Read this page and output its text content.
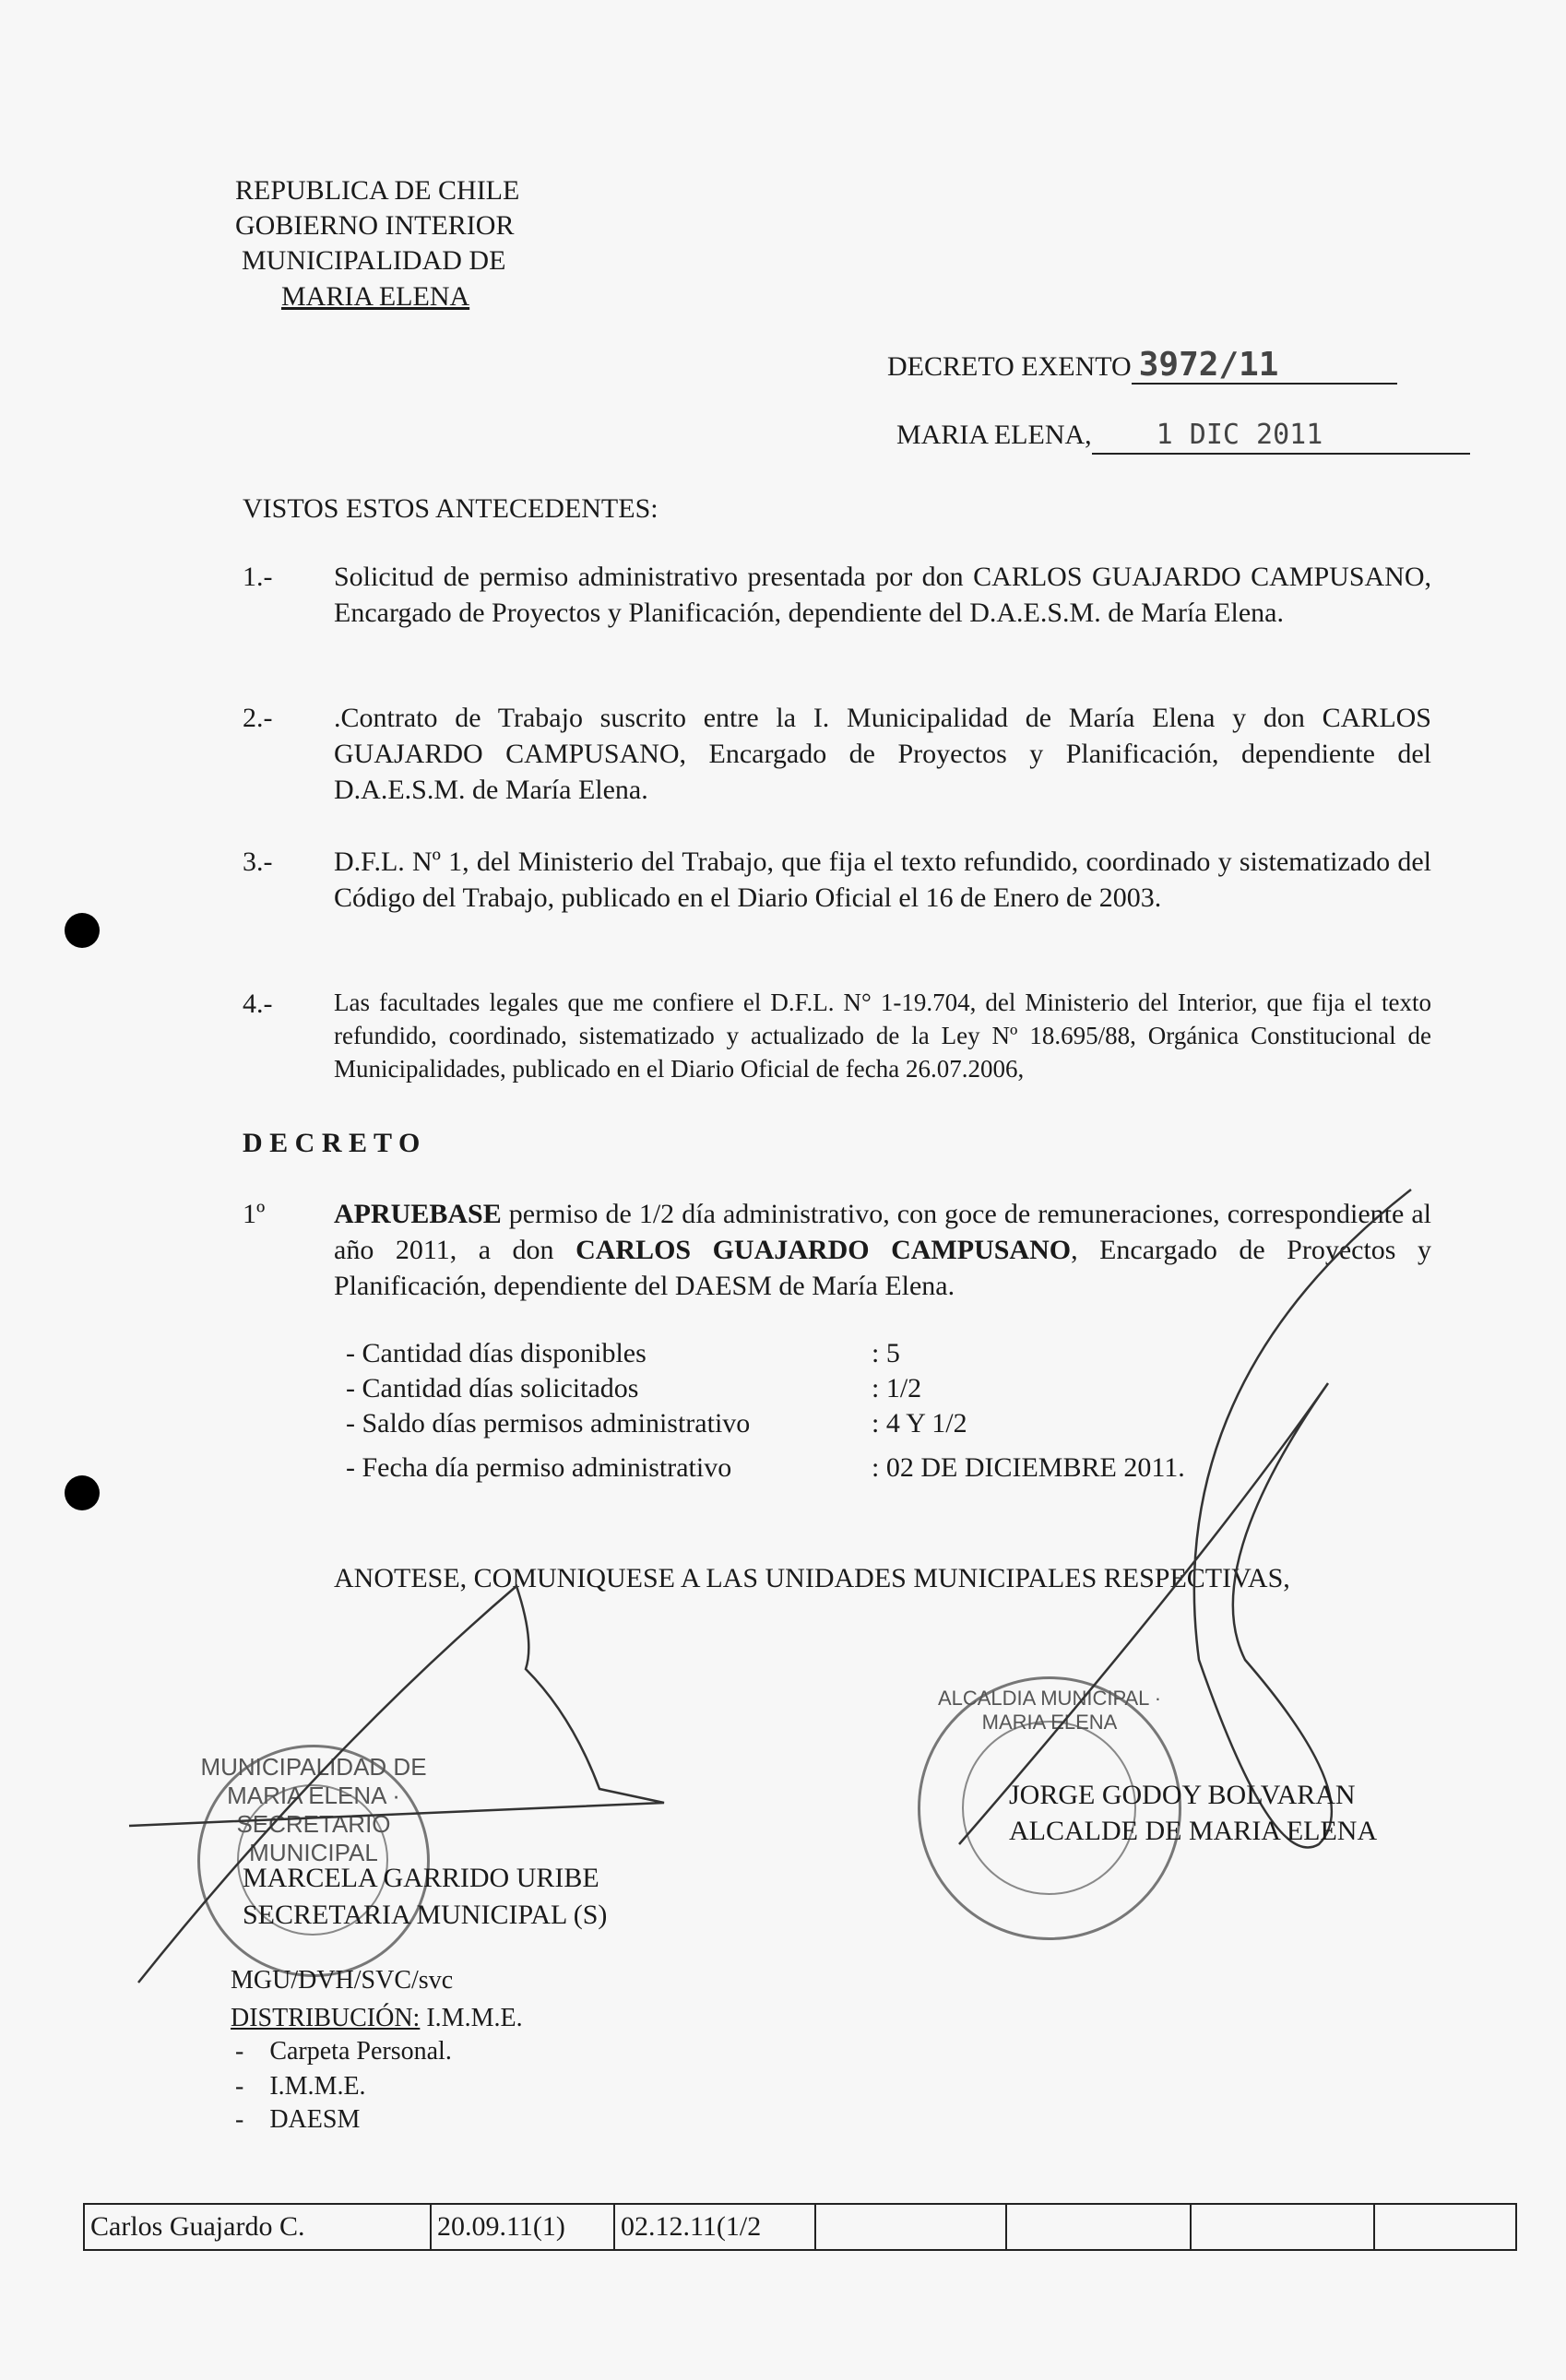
REPUBLICA DE CHILE
GOBIERNO INTERIOR
MUNICIPALIDAD DE
MARIA ELENA
DECRETO EXENTO 3972/11
MARIA ELENA, 1 DIC 2011
VISTOS ESTOS ANTECEDENTES:
1.- Solicitud de permiso administrativo presentada por don CARLOS GUAJARDO CAMPUSANO, Encargado de Proyectos y Planificación, dependiente del D.A.E.S.M. de María Elena.
2.- .Contrato de Trabajo suscrito entre la I. Municipalidad de María Elena y don CARLOS GUAJARDO CAMPUSANO, Encargado de Proyectos y Planificación, dependiente del D.A.E.S.M. de María Elena.
3.- D.F.L. Nº 1, del Ministerio del Trabajo, que fija el texto refundido, coordinado y sistematizado del Código del Trabajo, publicado en el Diario Oficial el 16 de Enero de 2003.
4.- Las facultades legales que me confiere el D.F.L. N° 1-19.704, del Ministerio del Interior, que fija el texto refundido, coordinado, sistematizado y actualizado de la Ley Nº 18.695/88, Orgánica Constitucional de Municipalidades, publicado en el Diario Oficial de fecha 26.07.2006,
D E C R E T O
1º APRUEBASE permiso de 1/2 día administrativo, con goce de remuneraciones, correspondiente al año 2011, a don CARLOS GUAJARDO CAMPUSANO, Encargado de Proyectos y Planificación, dependiente del DAESM de María Elena.
- Cantidad días disponibles	: 5
- Cantidad días solicitados	: 1/2
- Saldo días permisos administrativo	: 4 Y 1/2
- Fecha día permiso administrativo	: 02 DE DICIEMBRE 2011.
ANOTESE, COMUNIQUESE A LAS UNIDADES MUNICIPALES RESPECTIVAS,
MUNICIPALIDAD DE MARIA ELENA · SECRETARIO MUNICIPAL
ALCALDIA MUNICIPAL · MARIA ELENA
MARCELA GARRIDO URIBE
SECRETARIA MUNICIPAL (S)
JORGE GODOY BOLVARAN
ALCALDE DE MARIA ELENA
MGU/DVH/SVC/svc
DISTRIBUCIÓN: I.M.M.E.
-    Carpeta Personal.
-    I.M.M.E.
-    DAESM
Carlos Guajardo C.	20.09.11(1)	02.12.11(1/2				
